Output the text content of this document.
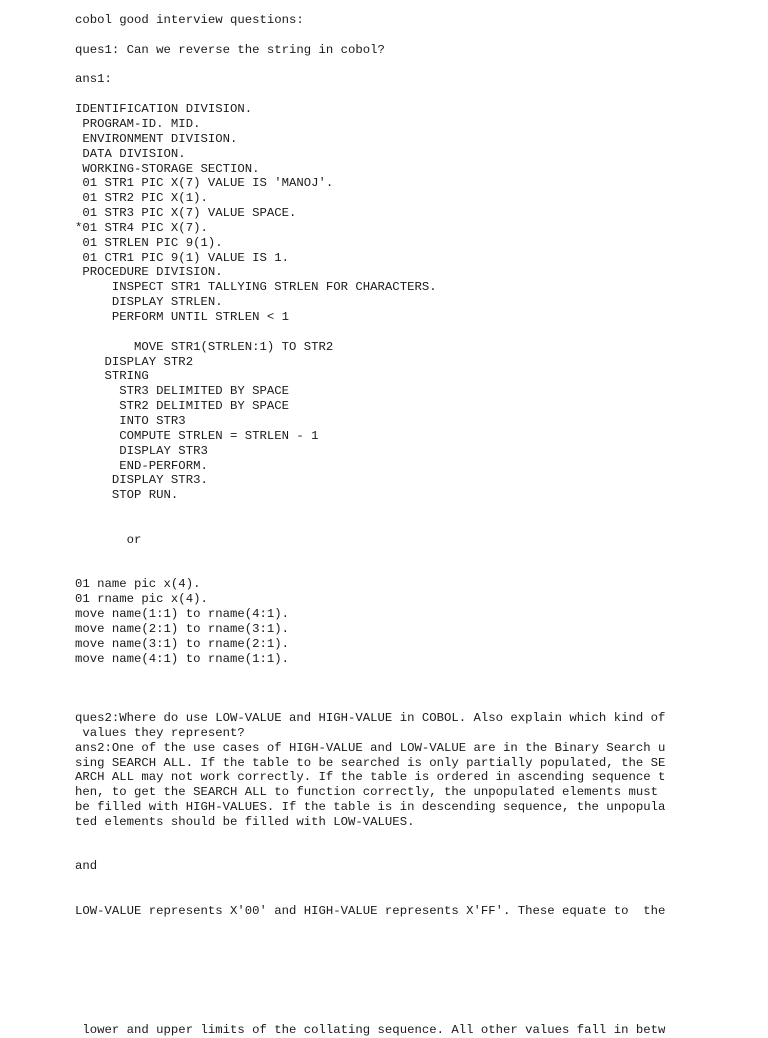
cobol good interview questions:
ques1: Can we reverse the string in cobol?
ans1:
IDENTIFICATION DIVISION.
PROGRAM-ID. MID.
ENVIRONMENT DIVISION.
DATA DIVISION.
WORKING-STORAGE SECTION.
01 STR1 PIC X(7) VALUE IS 'MANOJ'.
01 STR2 PIC X(1).
01 STR3 PIC X(7) VALUE SPACE.
*01 STR4 PIC X(7).
01 STRLEN PIC 9(1).
01 CTR1 PIC 9(1) VALUE IS 1.
PROCEDURE DIVISION.
INSPECT STR1 TALLYING STRLEN FOR CHARACTERS.
DISPLAY STRLEN.
PERFORM UNTIL STRLEN < 1
MOVE STR1(STRLEN:1) TO STR2
DISPLAY STR2
STRING
STR3 DELIMITED BY SPACE
STR2 DELIMITED BY SPACE
INTO STR3
COMPUTE STRLEN = STRLEN - 1
DISPLAY STR3
END-PERFORM.
DISPLAY STR3.
STOP RUN.
or
01 name pic x(4).
01 rname pic x(4).
move name(1:1) to rname(4:1).
move name(2:1) to rname(3:1).
move name(3:1) to rname(2:1).
move name(4:1) to rname(1:1).
ques2:Where do use LOW-VALUE and HIGH-VALUE in COBOL. Also explain which kind of
values they represent?
ans2:One of the use cases of HIGH-VALUE and LOW-VALUE are in the Binary Search u
sing SEARCH ALL. If the table to be searched is only partially populated, the SE
ARCH ALL may not work correctly. If the table is ordered in ascending sequence t
hen, to get the SEARCH ALL to function correctly, the unpopulated elements must
be filled with HIGH-VALUES. If the table is in descending sequence, the unpopula
ted elements should be filled with LOW-VALUES.
and
LOW-VALUE represents X'00' and HIGH-VALUE represents X'FF'. These equate to  the
lower and upper limits of the collating sequence. All other values fall in betw
